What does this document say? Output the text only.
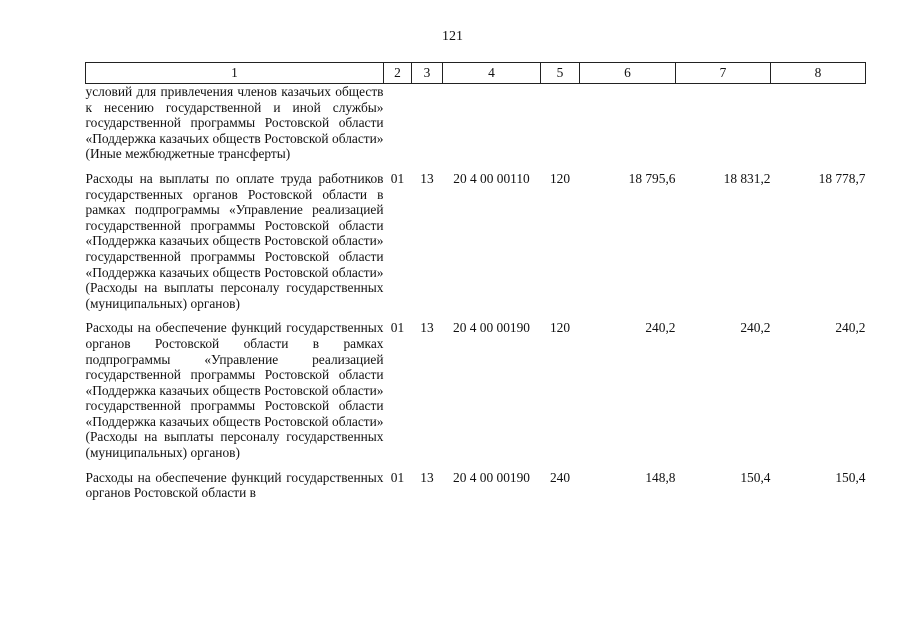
121
1	2	3	4	5	6	7	8
условий для привлечения членов казачьих обществ к несению государственной и иной службы» государственной программы Ростовской области «Поддержка казачьих обществ Ростовской области» (Иные межбюджетные трансферты)							

Расходы на выплаты по оплате труда работников государственных органов Ростовской области в рамках подпрограммы «Управление реализацией государственной программы Ростовской области «Поддержка казачьих обществ Ростовской области» государственной программы Ростовской области «Поддержка казачьих обществ Ростовской области» (Расходы на выплаты персоналу государственных (муниципальных) органов)	01	13	20 4 00 00110	120	18 795,6	18 831,2	18 778,7

Расходы на обеспечение функций государственных органов Ростовской области в рамках подпрограммы «Управление реализацией государственной программы Ростовской области «Поддержка казачьих обществ Ростовской области» государственной программы Ростовской области «Поддержка казачьих обществ Ростовской области» (Расходы на выплаты персоналу государственных (муниципальных) органов)	01	13	20 4 00 00190	120	240,2	240,2	240,2

Расходы на обеспечение функций государственных органов Ростовской области в	01	13	20 4 00 00190	240	148,8	150,4	150,4
